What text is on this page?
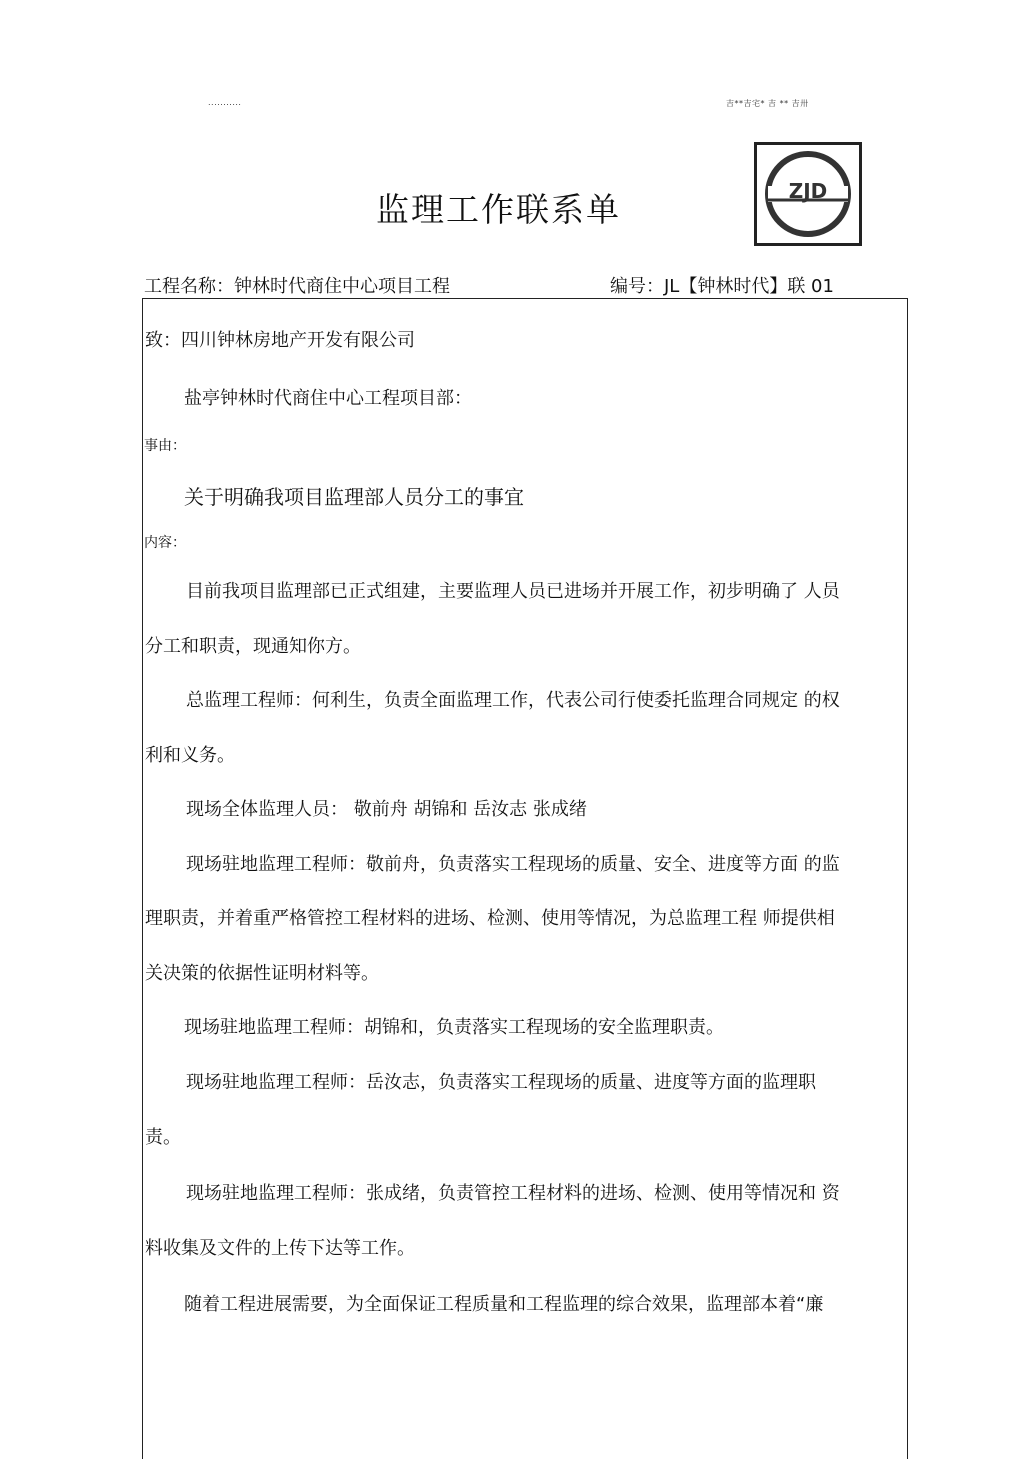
...........	吉**吉宅* 吉 ** 吉卅
ZJD
监理工作联系单
工程名称：钟林时代商住中心项目工程	编号：JL【钟林时代】联 01
致：四川钟林房地产开发有限公司
盐亭钟林时代商住中心工程项目部：
事由：
关于明确我项目监理部人员分工的事宜
内容：
目前我项目监理部已正式组建，主要监理人员已进场并开展工作，初步明确了 人员
分工和职责，现通知你方。
总监理工程师：何利生，负责全面监理工作，代表公司行使委托监理合同规定 的权
利和义务。
现场全体监理人员： 敬前舟 胡锦和 岳汝志 张成绪
现场驻地监理工程师：敬前舟，负责落实工程现场的质量、安全、进度等方面 的监
理职责，并着重严格管控工程材料的进场、检测、使用等情况，为总监理工程 师提供相
关决策的依据性证明材料等。
现场驻地监理工程师：胡锦和，负责落实工程现场的安全监理职责。
现场驻地监理工程师：岳汝志，负责落实工程现场的质量、进度等方面的监理职
责。
现场驻地监理工程师：张成绪，负责管控工程材料的进场、检测、使用等情况和 资
料收集及文件的上传下达等工作。
随着工程进展需要，为全面保证工程质量和工程监理的综合效果，监理部本着“廉
